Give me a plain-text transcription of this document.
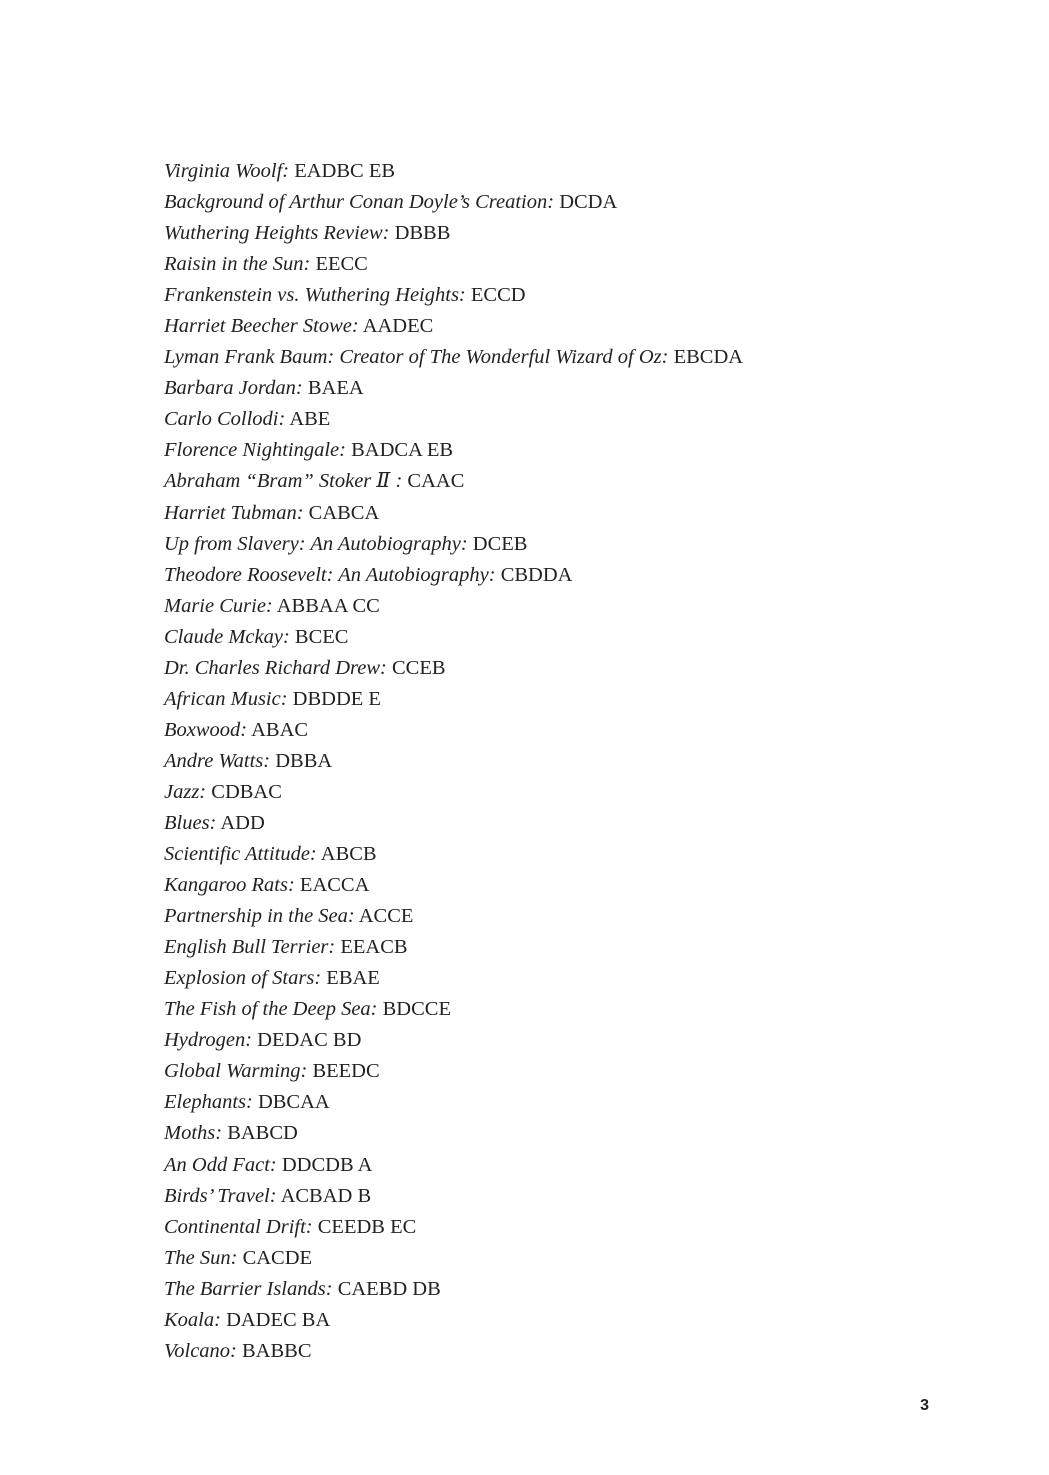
Virginia Woolf: EADBC EB
Background of Arthur Conan Doyle’s Creation: DCDA
Wuthering Heights Review: DBBB
Raisin in the Sun: EECC
Frankenstein vs. Wuthering Heights: ECCD
Harriet Beecher Stowe: AADEC
Lyman Frank Baum: Creator of The Wonderful Wizard of Oz: EBCDA
Barbara Jordan: BAEA
Carlo Collodi: ABE
Florence Nightingale: BADCA EB
Abraham “Bram” Stoker Ⅱ : CAAC
Harriet Tubman: CABCA
Up from Slavery: An Autobiography: DCEB
Theodore Roosevelt: An Autobiography: CBDDA
Marie Curie: ABBAA CC
Claude Mckay: BCEC
Dr. Charles Richard Drew: CCEB
African Music: DBDDE E
Boxwood: ABAC
Andre Watts: DBBA
Jazz: CDBAC
Blues: ADD
Scientific Attitude: ABCB
Kangaroo Rats: EACCA
Partnership in the Sea: ACCE
English Bull Terrier: EEACB
Explosion of Stars: EBAE
The Fish of the Deep Sea: BDCCE
Hydrogen: DEDAC BD
Global Warming: BEEDC
Elephants: DBCAA
Moths: BABCD
An Odd Fact: DDCDB A
Birds’ Travel: ACBAD B
Continental Drift: CEEDB EC
The Sun: CACDE
The Barrier Islands: CAEBD DB
Koala: DADEC BA
Volcano: BABBC
3
